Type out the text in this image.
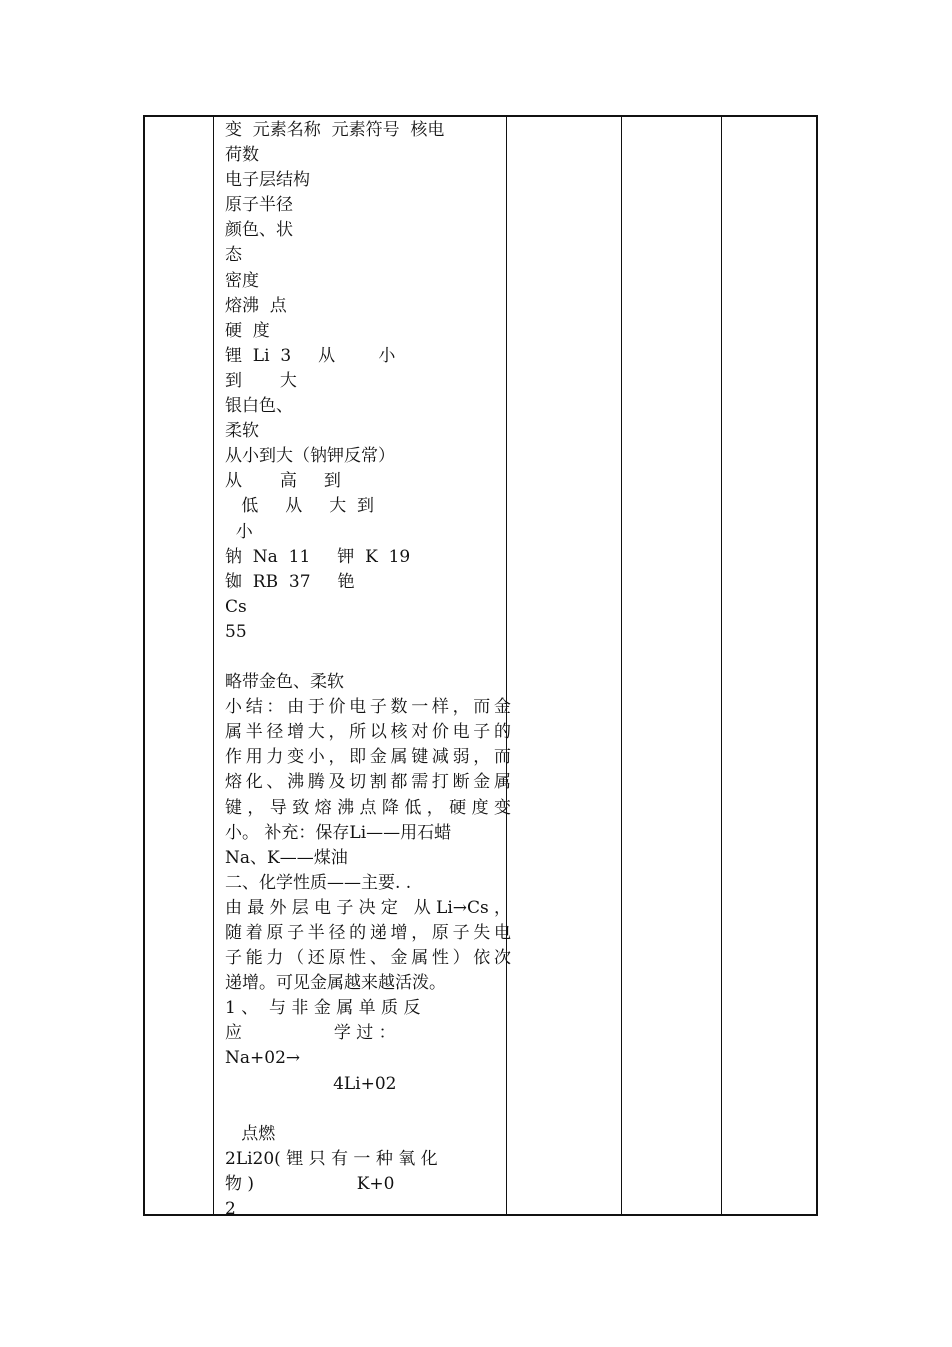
变  元素名称  元素符号  核电
荷数
电子层结构
原子半径
颜色、状
态
密度
熔沸  点
硬  度
锂  Li  3     从        小
到       大
银白色、
柔软
从小到大（钠钾反常）
从       高     到
低     从     大  到
小
钠  Na  11     钾  K  19
铷  RB  37     铯
Cs
55
略带金色、柔软
小结：由于价电子数一样，而金
属半径增大，所以核对价电子的
作用力变小，即金属键减弱，而
熔化、沸腾及切割都需打断金属
键，导致熔沸点降低，硬度变
小。 补充：保存Li——用石蜡
Na、K——煤油
二、化学性质——主要. .
由最外层电子决定 从Li→Cs，
随着原子半径的递增，原子失电
子能力（还原性、金属性）依次
递增。可见金属越来越活泼。
1 、  与 非 金 属 单 质 反
应                 学 过 ：
Na+02→
4Li+02
点燃
2Li20( 锂 只 有 一 种 氧 化
物 )                   K+0
2
